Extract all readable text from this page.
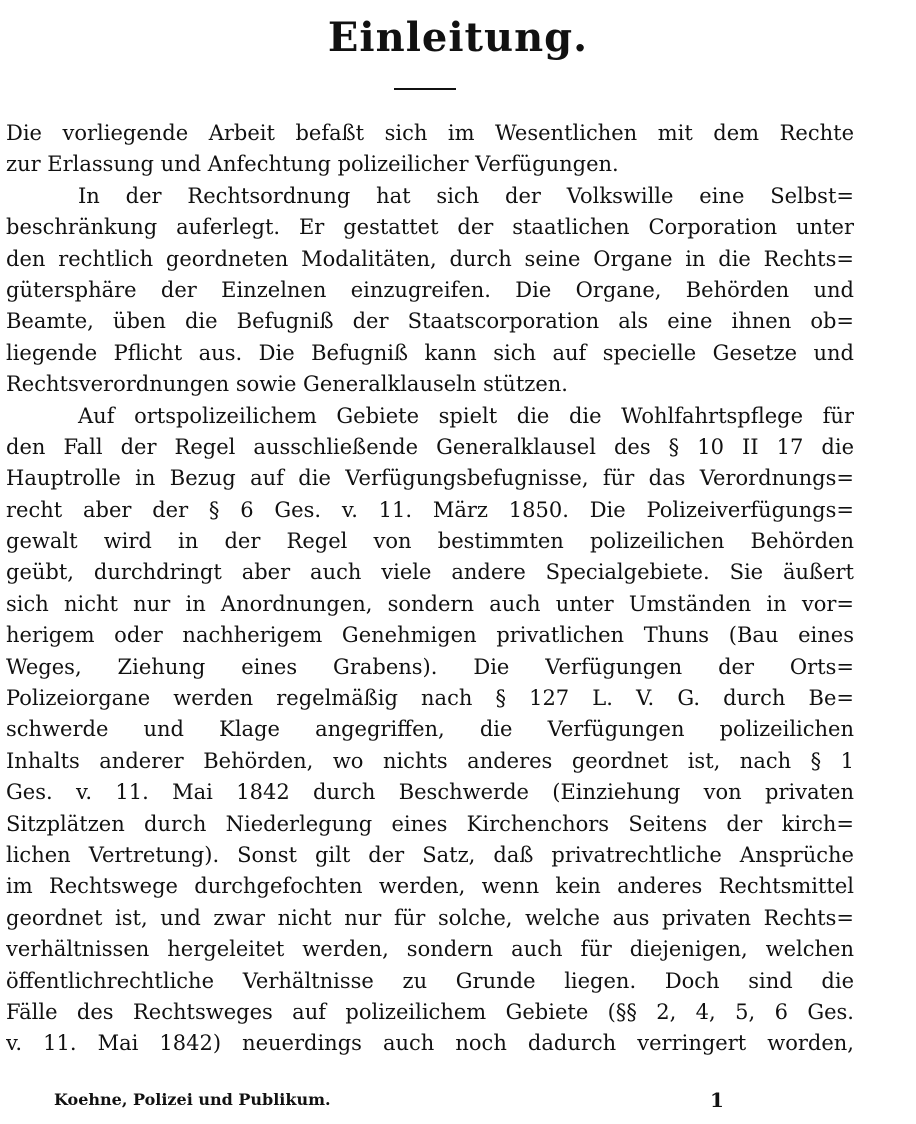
Einleitung.
Die vorliegende Arbeit befaßt sich im Wesentlichen mit dem Rechte
zur Erlassung und Anfechtung polizeilicher Verfügungen.
In der Rechtsordnung hat sich der Volkswille eine Selbst=
beschränkung auferlegt. Er gestattet der staatlichen Corporation unter
den rechtlich geordneten Modalitäten, durch seine Organe in die Rechts=
gütersphäre der Einzelnen einzugreifen. Die Organe, Behörden und
Beamte, üben die Befugniß der Staatscorporation als eine ihnen ob=
liegende Pflicht aus. Die Befugniß kann sich auf specielle Gesetze und
Rechtsverordnungen sowie Generalklauseln stützen.
Auf ortspolizeilichem Gebiete spielt die die Wohlfahrtspflege für
den Fall der Regel ausschließende Generalklausel des § 10 II 17 die
Hauptrolle in Bezug auf die Verfügungsbefugnisse, für das Verordnungs=
recht aber der § 6 Ges. v. 11. März 1850. Die Polizeiverfügungs=
gewalt wird in der Regel von bestimmten polizeilichen Behörden
geübt, durchdringt aber auch viele andere Specialgebiete. Sie äußert
sich nicht nur in Anordnungen, sondern auch unter Umständen in vor=
herigem oder nachherigem Genehmigen privatlichen Thuns (Bau eines
Weges, Ziehung eines Grabens). Die Verfügungen der Orts=
Polizeiorgane werden regelmäßig nach § 127 L. V. G. durch Be=
schwerde und Klage angegriffen, die Verfügungen polizeilichen
Inhalts anderer Behörden, wo nichts anderes geordnet ist, nach § 1
Ges. v. 11. Mai 1842 durch Beschwerde (Einziehung von privaten
Sitzplätzen durch Niederlegung eines Kirchenchors Seitens der kirch=
lichen Vertretung). Sonst gilt der Satz, daß privatrechtliche Ansprüche
im Rechtswege durchgefochten werden, wenn kein anderes Rechtsmittel
geordnet ist, und zwar nicht nur für solche, welche aus privaten Rechts=
verhältnissen hergeleitet werden, sondern auch für diejenigen, welchen
öffentlichrechtliche Verhältnisse zu Grunde liegen. Doch sind die
Fälle des Rechtsweges auf polizeilichem Gebiete (§§ 2, 4, 5, 6 Ges.
v. 11. Mai 1842) neuerdings auch noch dadurch verringert worden,
Koehne, Polizei und Publikum.	1
